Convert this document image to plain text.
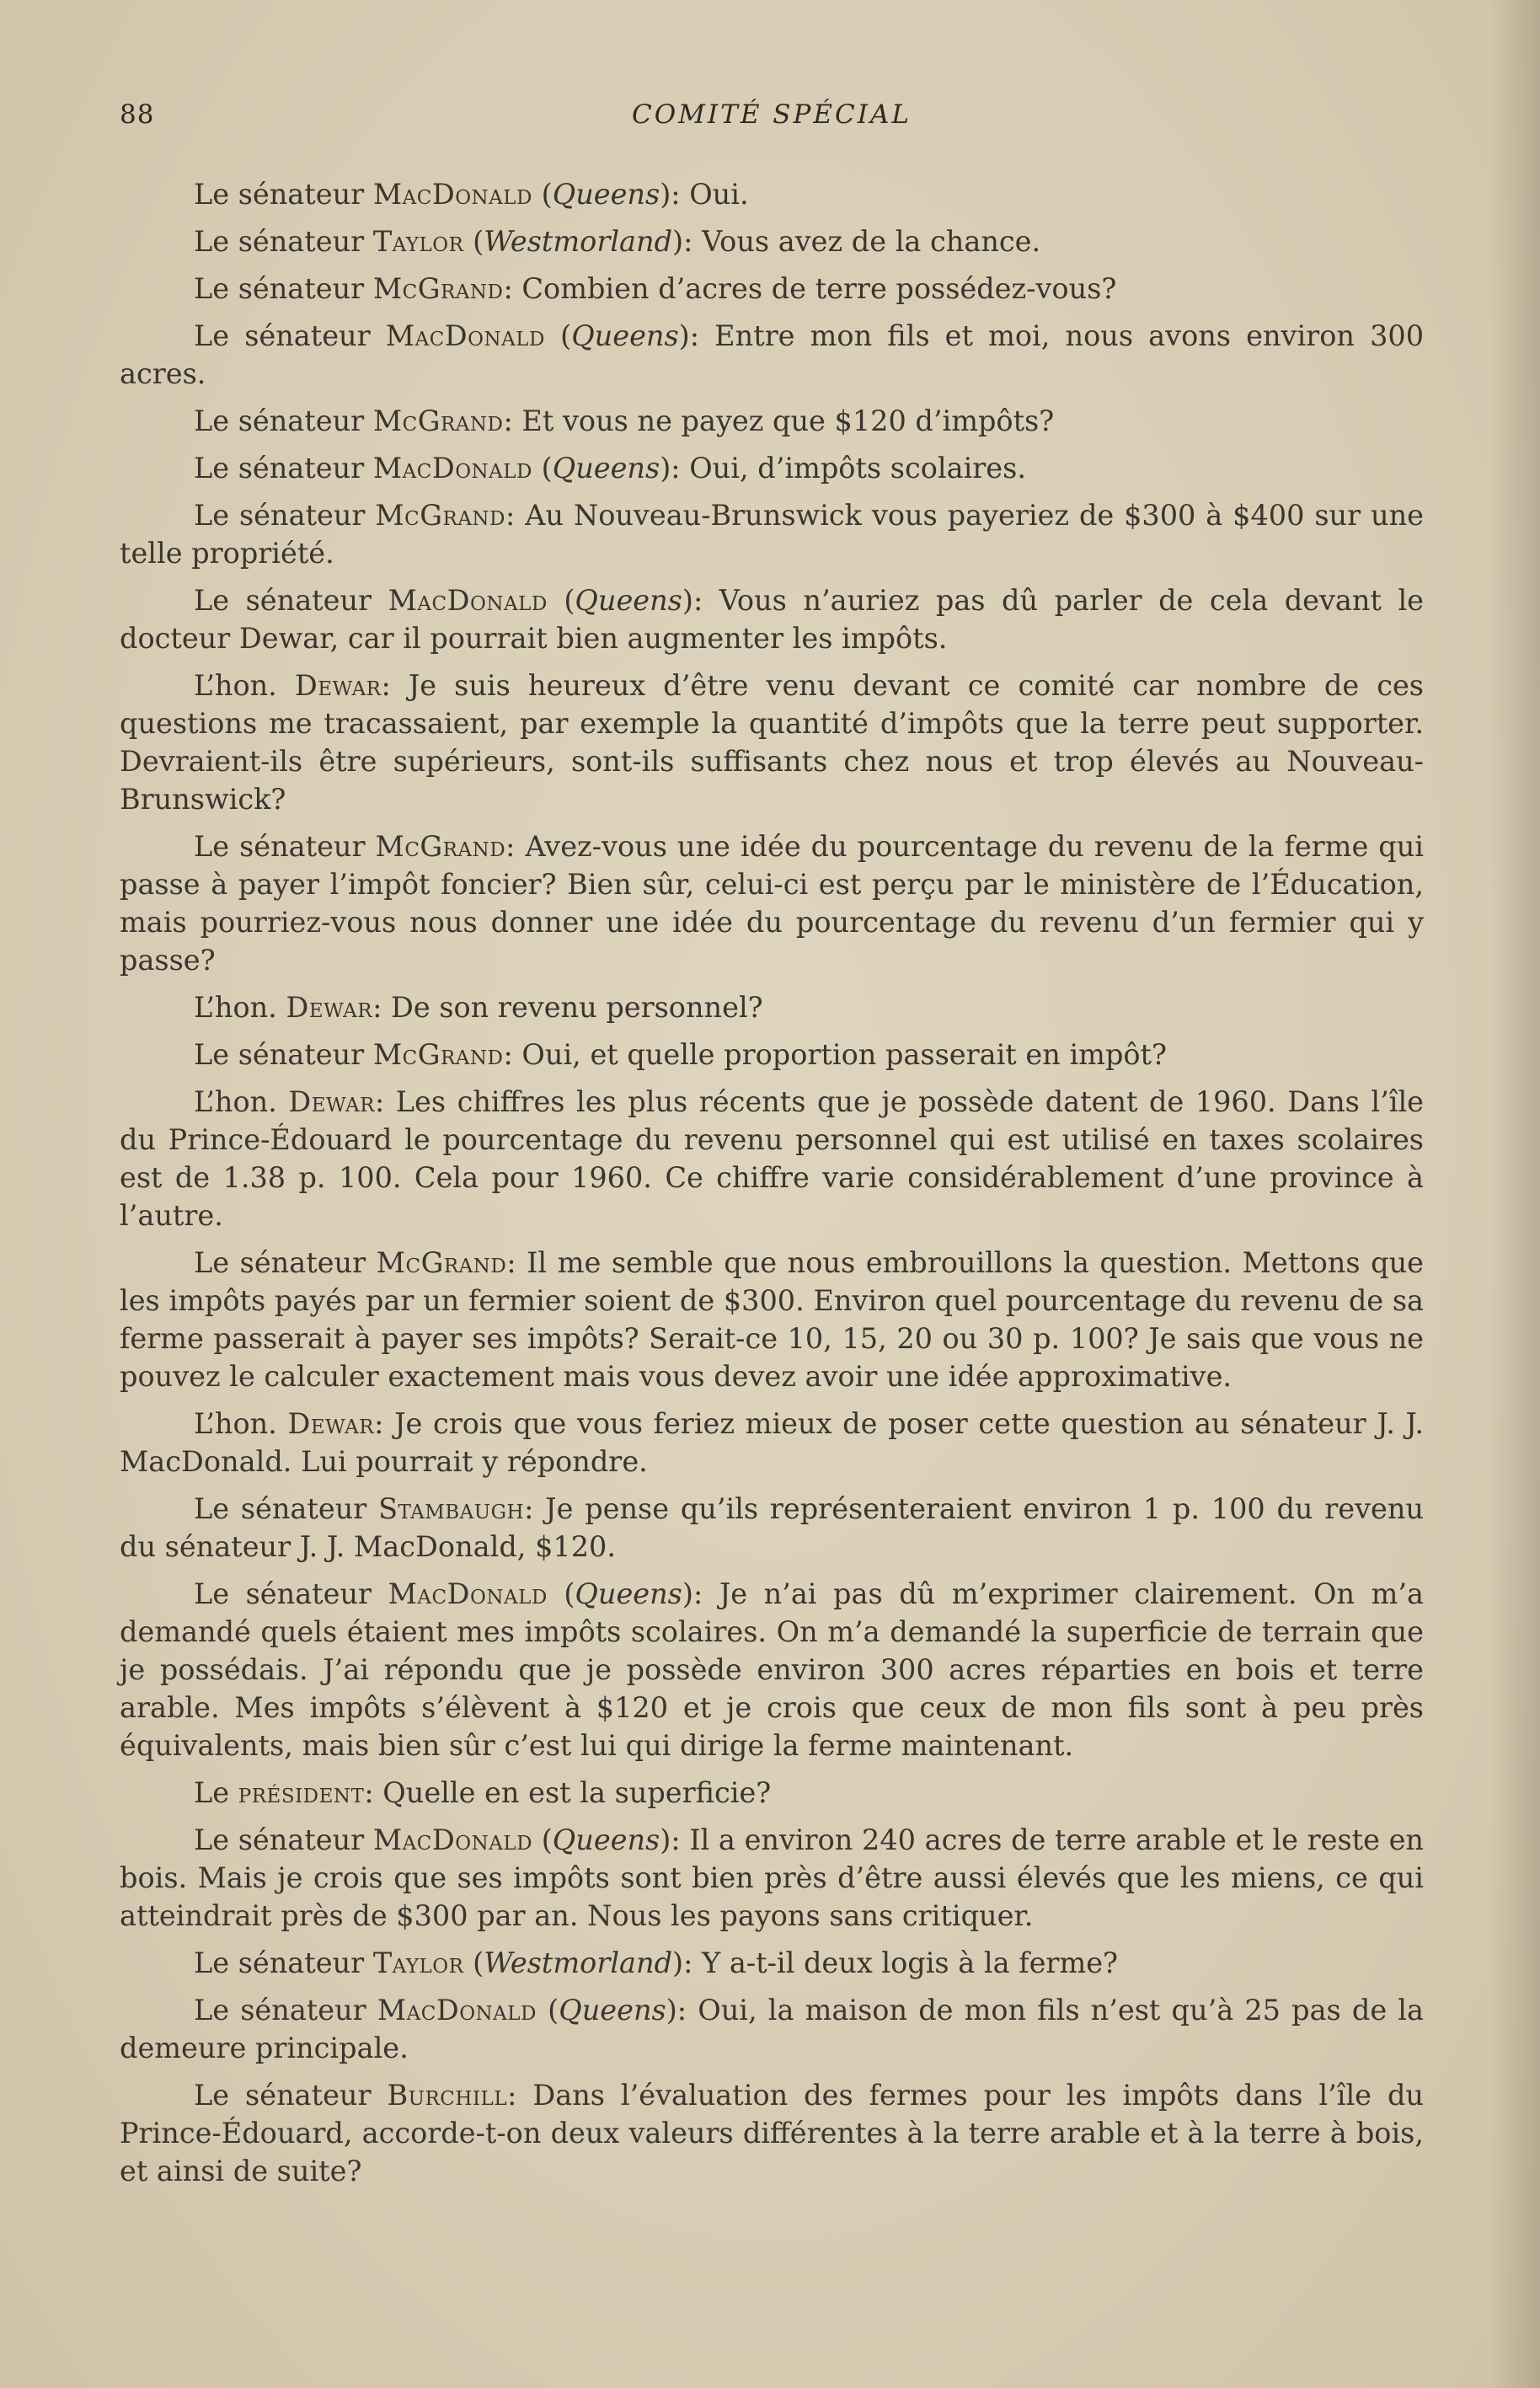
88	COMITÉ SPÉCIAL

Le sénateur MacDonald (Queens): Oui.

Le sénateur Taylor (Westmorland): Vous avez de la chance.

Le sénateur McGrand: Combien d’acres de terre possédez-vous?

Le sénateur MacDonald (Queens): Entre mon fils et moi, nous avons environ 300 acres.

Le sénateur McGrand: Et vous ne payez que $120 d’impôts?

Le sénateur MacDonald (Queens): Oui, d’impôts scolaires.

Le sénateur McGrand: Au Nouveau-Brunswick vous payeriez de $300 à $400 sur une telle propriété.

Le sénateur MacDonald (Queens): Vous n’auriez pas dû parler de cela devant le docteur Dewar, car il pourrait bien augmenter les impôts.

L’hon. Dewar: Je suis heureux d’être venu devant ce comité car nombre de ces questions me tracassaient, par exemple la quantité d’impôts que la terre peut supporter. Devraient-ils être supérieurs, sont-ils suffisants chez nous et trop élevés au Nouveau-Brunswick?

Le sénateur McGrand: Avez-vous une idée du pourcentage du revenu de la ferme qui passe à payer l’impôt foncier? Bien sûr, celui-ci est perçu par le ministère de l’Éducation, mais pourriez-vous nous donner une idée du pourcentage du revenu d’un fermier qui y passe?

L’hon. Dewar: De son revenu personnel?

Le sénateur McGrand: Oui, et quelle proportion passerait en impôt?

L’hon. Dewar: Les chiffres les plus récents que je possède datent de 1960. Dans l’île du Prince-Édouard le pourcentage du revenu personnel qui est utilisé en taxes scolaires est de 1.38 p. 100. Cela pour 1960. Ce chiffre varie considérablement d’une province à l’autre.

Le sénateur McGrand: Il me semble que nous embrouillons la question. Mettons que les impôts payés par un fermier soient de $300. Environ quel pourcentage du revenu de sa ferme passerait à payer ses impôts? Serait-ce 10, 15, 20 ou 30 p. 100? Je sais que vous ne pouvez le calculer exactement mais vous devez avoir une idée approximative.

L’hon. Dewar: Je crois que vous feriez mieux de poser cette question au sénateur J. J. MacDonald. Lui pourrait y répondre.

Le sénateur Stambaugh: Je pense qu’ils représenteraient environ 1 p. 100 du revenu du sénateur J. J. MacDonald, $120.

Le sénateur MacDonald (Queens): Je n’ai pas dû m’exprimer clairement. On m’a demandé quels étaient mes impôts scolaires. On m’a demandé la superficie de terrain que je possédais. J’ai répondu que je possède environ 300 acres réparties en bois et terre arable. Mes impôts s’élèvent à $120 et je crois que ceux de mon fils sont à peu près équivalents, mais bien sûr c’est lui qui dirige la ferme maintenant.

Le président: Quelle en est la superficie?

Le sénateur MacDonald (Queens): Il a environ 240 acres de terre arable et le reste en bois. Mais je crois que ses impôts sont bien près d’être aussi élevés que les miens, ce qui atteindrait près de $300 par an. Nous les payons sans critiquer.

Le sénateur Taylor (Westmorland): Y a-t-il deux logis à la ferme?

Le sénateur MacDonald (Queens): Oui, la maison de mon fils n’est qu’à 25 pas de la demeure principale.

Le sénateur Burchill: Dans l’évaluation des fermes pour les impôts dans l’île du Prince-Édouard, accorde-t-on deux valeurs différentes à la terre arable et à la terre à bois, et ainsi de suite?
